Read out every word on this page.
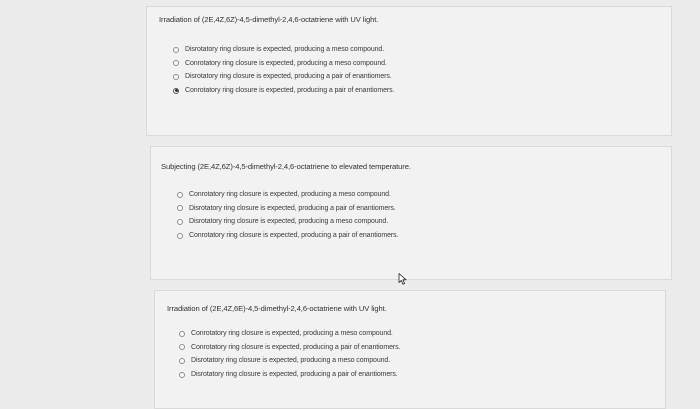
Irradiation of (2E,4Z,6Z)-4,5-dimethyl-2,4,6-octatriene with UV light.
Disrotatory ring closure is expected, producing a meso compound.
Conrotatory ring closure is expected, producing a meso compound.
Disrotatory ring closure is expected, producing a pair of enantiomers.
Conrotatory ring closure is expected, producing a pair of enantiomers.
Subjecting (2E,4Z,6Z)-4,5-dimethyl-2,4,6-octatriene to elevated temperature.
Conrotatory ring closure is expected, producing a meso compound.
Disrotatory ring closure is expected, producing a pair of enantiomers.
Disrotatory ring closure is expected, producing a meso compound.
Conrotatory ring closure is expected, producing a pair of enantiomers.
Irradiation of (2E,4Z,6E)-4,5-dimethyl-2,4,6-octatriene with UV light.
Conrotatory ring closure is expected, producing a meso compound.
Conrotatory ring closure is expected, producing a pair of enantiomers.
Disrotatory ring closure is expected, producing a meso compound.
Disrotatory ring closure is expected, producing a pair of enantiomers.
